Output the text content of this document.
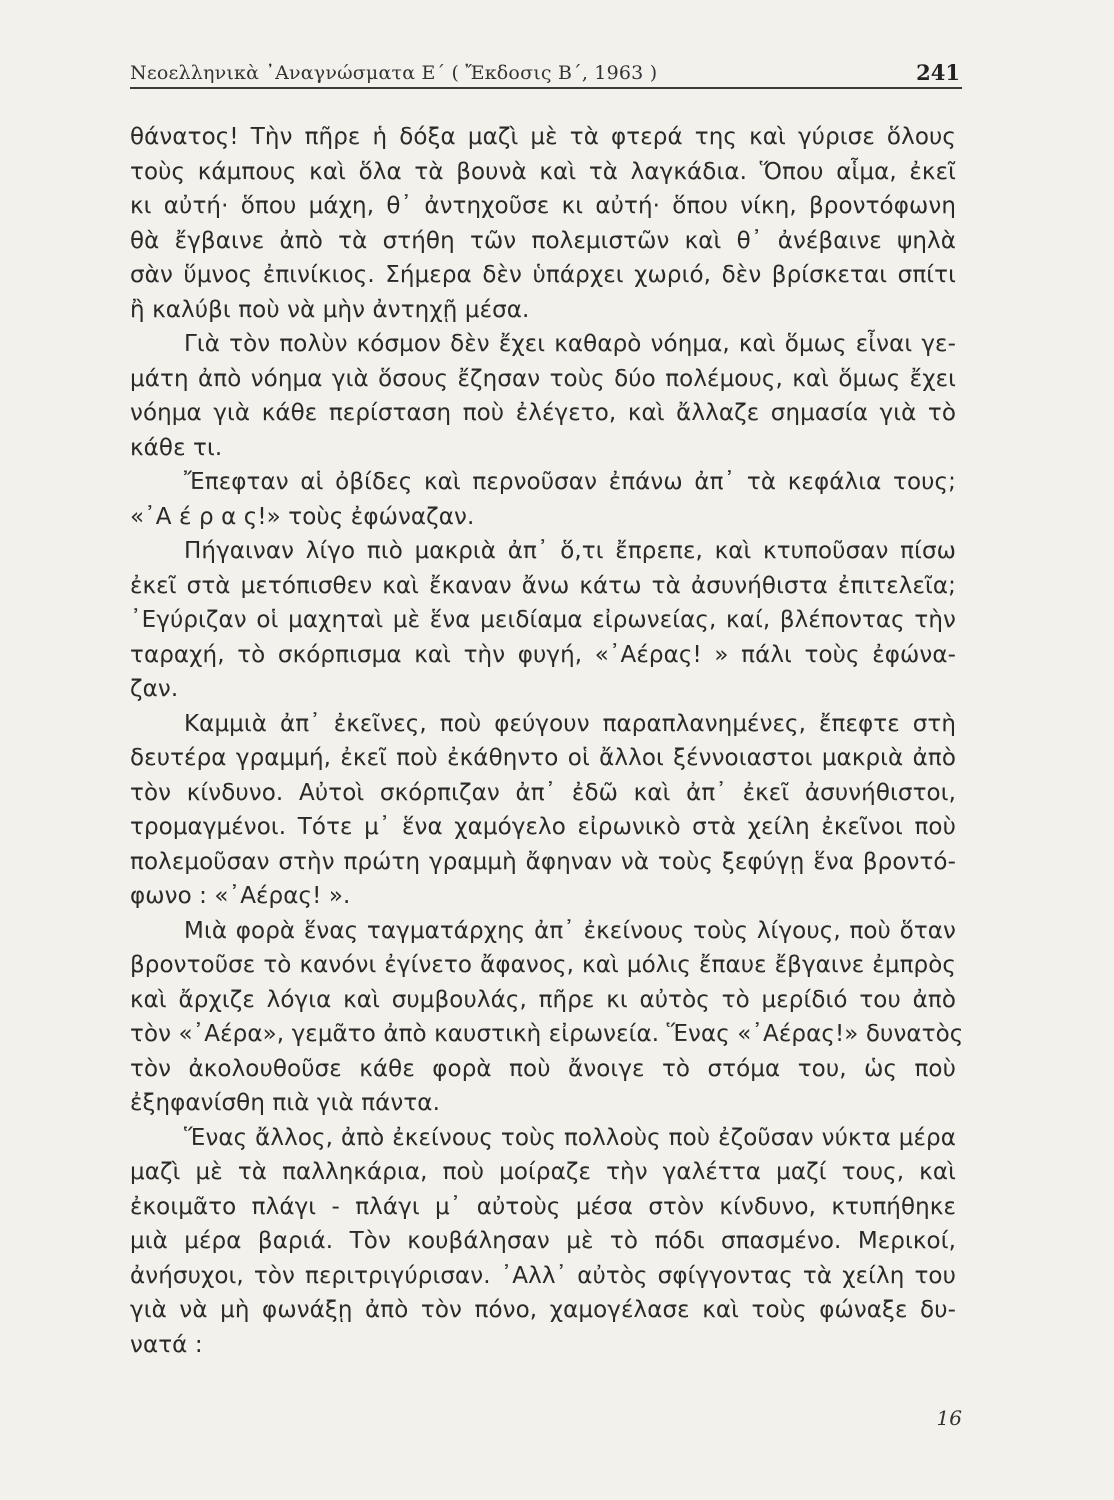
Νεοελληνικὰ ᾿Αναγνώσματα Ε΄ ( Ἔκδοσις Β΄, 1963 )	241
θάνατος! Τὴν πῆρε ἡ δόξα μαζὶ μὲ τὰ φτερά της καὶ γύρισε ὅλους
τοὺς κάμπους καὶ ὅλα τὰ βουνὰ καὶ τὰ λαγκάδια. Ὅπου αἷμα, ἐκεῖ
κι αὐτή· ὅπου μάχη, θ᾿ ἀντηχοῦσε κι αὐτή· ὅπου νίκη, βροντόφωνη
θὰ ἔγβαινε ἀπὸ τὰ στήθη τῶν πολεμιστῶν καὶ θ᾿ ἀνέβαινε ψηλὰ
σὰν ὕμνος ἐπινίκιος. Σήμερα δὲν ὑπάρχει χωριό, δὲν βρίσκεται σπίτι
ἢ καλύβι ποὺ νὰ μὴν ἀντηχῇ μέσα.
Γιὰ τὸν πολὺν κόσμον δὲν ἔχει καθαρὸ νόημα, καὶ ὅμως εἶναι γε-
μάτη ἀπὸ νόημα γιὰ ὅσους ἔζησαν τοὺς δύο πολέμους, καὶ ὅμως ἔχει
νόημα γιὰ κάθε περίσταση ποὺ ἐλέγετο, καὶ ἄλλαζε σημασία γιὰ τὸ
κάθε τι.
Ἔπεφταν αἱ ὀβίδες καὶ περνοῦσαν ἐπάνω ἀπ᾿ τὰ κεφάλια τους;
«᾿Α έ ρ α ς!» τοὺς ἐφώναζαν.
Πήγαιναν λίγο πιὸ μακριὰ ἀπ᾿ ὅ,τι ἔπρεπε, καὶ κτυποῦσαν πίσω
ἐκεῖ στὰ μετόπισθεν καὶ ἔκαναν ἄνω κάτω τὰ ἀσυνήθιστα ἐπιτελεῖα;
᾿Εγύριζαν οἱ μαχηταὶ μὲ ἕνα μειδίαμα εἰρωνείας, καί, βλέποντας τὴν
ταραχή, τὸ σκόρπισμα καὶ τὴν φυγή, «᾿Αέρας! » πάλι τοὺς ἐφώνα-
ζαν.
Καμμιὰ ἀπ᾿ ἐκεῖνες, ποὺ φεύγουν παραπλανημένες, ἔπεφτε στὴ
δευτέρα γραμμή, ἐκεῖ ποὺ ἐκάθηντο οἱ ἄλλοι ξέννοιαστοι μακριὰ ἀπὸ
τὸν κίνδυνο. Αὐτοὶ σκόρπιζαν ἀπ᾿ ἐδῶ καὶ ἀπ᾿ ἐκεῖ ἀσυνήθιστοι,
τρομαγμένοι. Τότε μ᾿ ἕνα χαμόγελο εἰρωνικὸ στὰ χείλη ἐκεῖνοι ποὺ
πολεμοῦσαν στὴν πρώτη γραμμὴ ἄφηναν νὰ τοὺς ξεφύγῃ ἕνα βροντό-
φωνο : «᾿Αέρας! ».
Μιὰ φορὰ ἕνας ταγματάρχης ἀπ᾿ ἐκείνους τοὺς λίγους, ποὺ ὅταν
βροντοῦσε τὸ κανόνι ἐγίνετο ἄφανος, καὶ μόλις ἔπαυε ἔβγαινε ἐμπρὸς
καὶ ἄρχιζε λόγια καὶ συμβουλάς, πῆρε κι αὐτὸς τὸ μερίδιό του ἀπὸ
τὸν «᾿Αέρα», γεμᾶτο ἀπὸ καυστικὴ εἰρωνεία. Ἕνας «᾿Αέρας!» δυνατὸς
τὸν ἀκολουθοῦσε κάθε φορὰ ποὺ ἄνοιγε τὸ στόμα του, ὡς ποὺ
ἐξηφανίσθη πιὰ γιὰ πάντα.
Ἕνας ἄλλος, ἀπὸ ἐκείνους τοὺς πολλοὺς ποὺ ἐζοῦσαν νύκτα μέρα
μαζὶ μὲ τὰ παλληκάρια, ποὺ μοίραζε τὴν γαλέττα μαζί τους, καὶ
ἐκοιμᾶτο πλάγι - πλάγι μ᾿ αὐτοὺς μέσα στὸν κίνδυνο, κτυπήθηκε
μιὰ μέρα βαριά. Τὸν κουβάλησαν μὲ τὸ πόδι σπασμένο. Μερικοί,
ἀνήσυχοι, τὸν περιτριγύρισαν. ᾿Αλλ᾿ αὐτὸς σφίγγοντας τὰ χείλη του
γιὰ νὰ μὴ φωνάξῃ ἀπὸ τὸν πόνο, χαμογέλασε καὶ τοὺς φώναξε δυ-
νατά :
16
